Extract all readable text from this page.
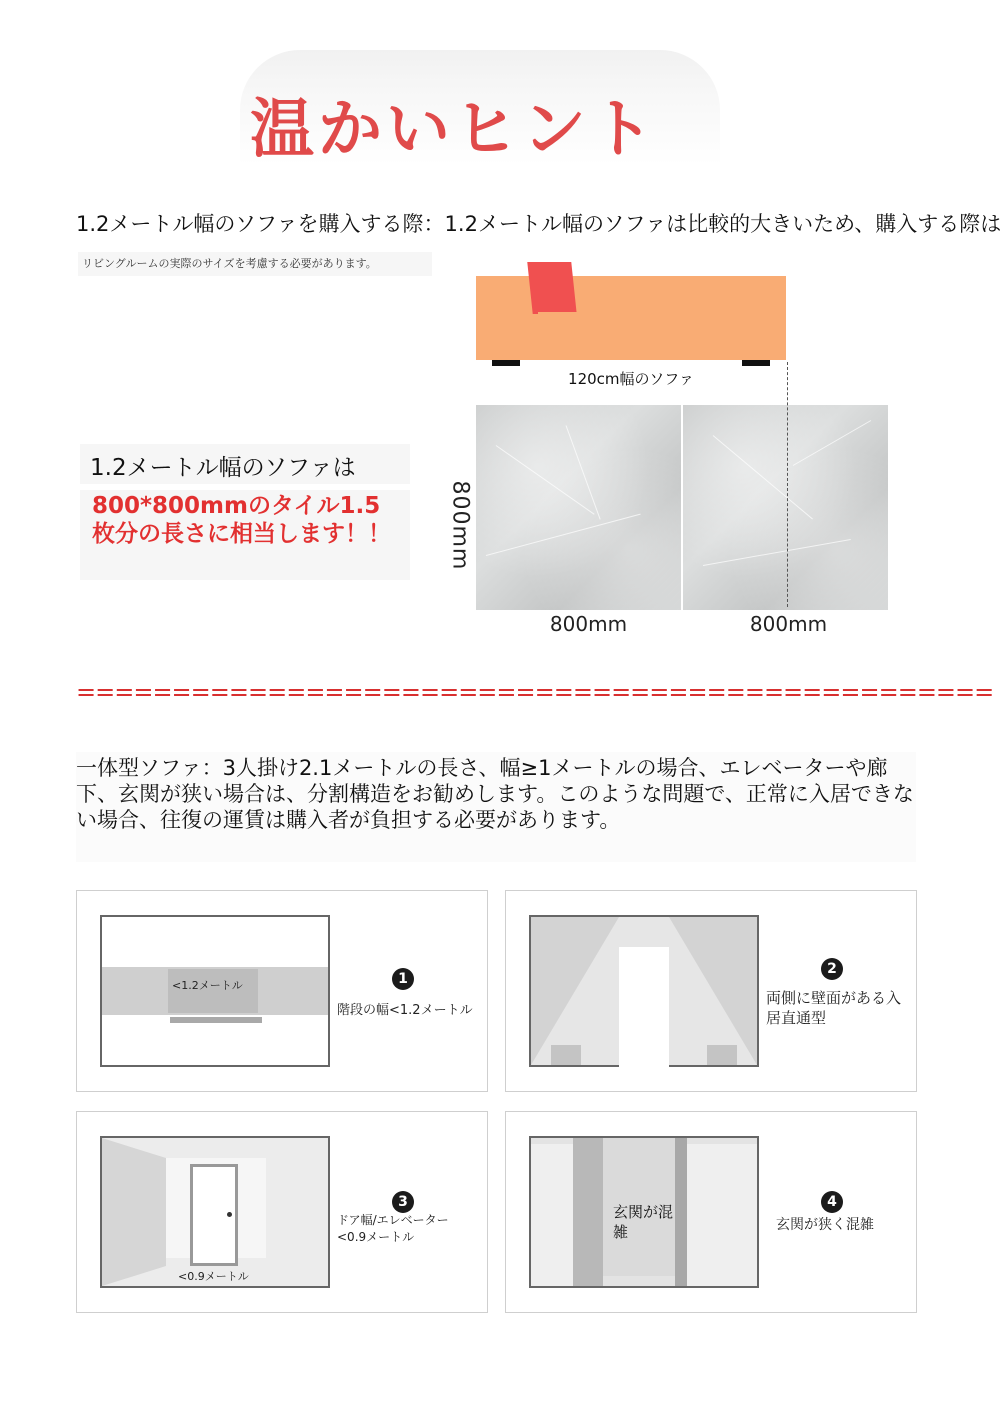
温かいヒント
1.2メートル幅のソファを購入する際：1.2メートル幅のソファは比較的大きいため、購入する際は
リビングルームの実際のサイズを考慮する必要があります。
120cm幅のソファ
800mm	800mm
800mm
1.2メートル幅のソファは
800*800mmのタイル1.5枚分の長さに相当します！！
================================================
一体型ソファ：3人掛け2.1メートルの長さ、幅≥1メートルの場合、エレベーターや廊下、玄関が狭い場合は、分割構造をお勧めします。このような問題で、正常に入居できない場合、往復の運賃は購入者が負担する必要があります。
<1.2メートル	1
階段の幅<1.2メートル
2
両側に壁面がある入居直通型
<0.9メートル
3
ドア幅/エレベーター<0.9メートル
玄関が混雑
4
玄関が狭く混雑
